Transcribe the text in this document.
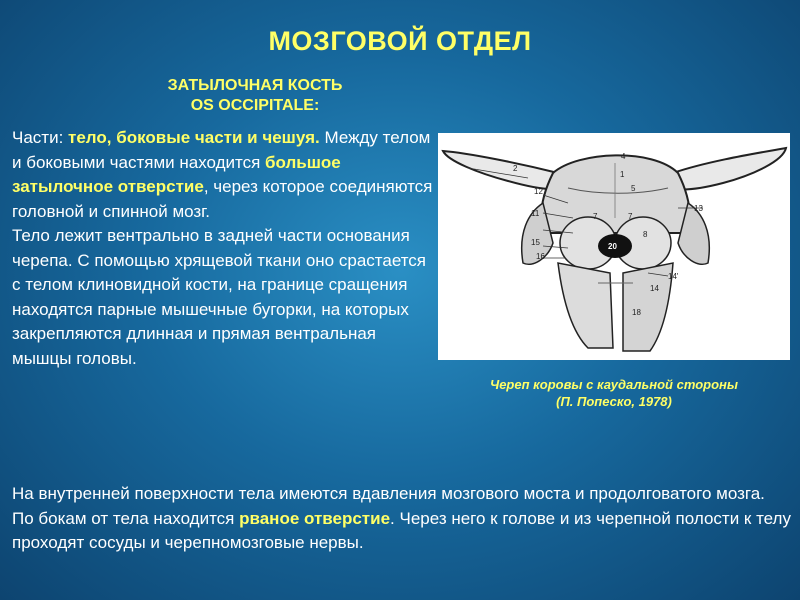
МОЗГОВОЙ ОТДЕЛ
ЗАТЫЛОЧНАЯ КОСТЬ
OS OCCIPITALE:
Части: тело, боковые части и чешуя. Между телом и боковыми частями находится большое затылочное отверстие, через которое соединяются головной и спинной мозг.
Тело лежит вентрально в задней части основания черепа. С помощью хрящевой ткани оно срастается с телом клиновидной кости, на границе сращения находятся парные мышечные бугорки, на которых закрепляются длинная и прямая вентральная мышцы головы.
2
4
1
5
12
11
15
16
7	7
8
13
14'
14
18
20
Череп коровы с каудальной стороны
(П. Попеско, 1978)
На внутренней поверхности тела имеются вдавления мозгового моста и продолговатого мозга.
По бокам от тела находится рваное отверстие. Через него к голове и из черепной полости к телу проходят сосуды и черепномозговые нервы.
